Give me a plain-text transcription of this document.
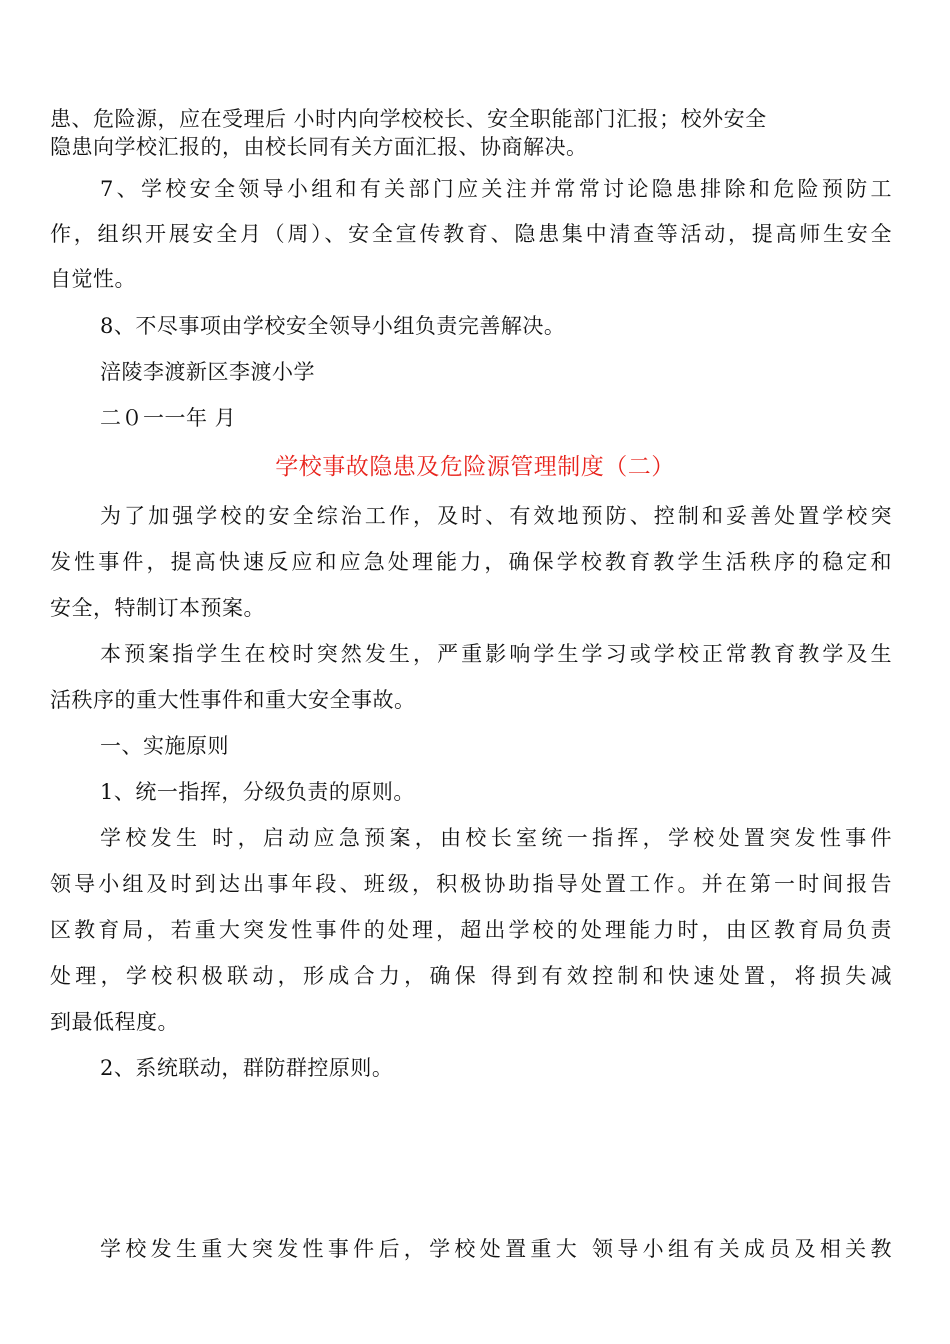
患、危险源，应在受理后 小时内向学校校长、安全职能部门汇报；校外安全
隐患向学校汇报的，由校长同有关方面汇报、协商解决。
7、学校安全领导小组和有关部门应关注并常常讨论隐患排除和危险预防工
作，组织开展安全月（周）、安全宣传教育、隐患集中清查等活动，提高师生安全
自觉性。
8、不尽事项由学校安全领导小组负责完善解决。
涪陵李渡新区李渡小学
二０一一年 月
学校事故隐患及危险源管理制度（二）
为了加强学校的安全综治工作，及时、有效地预防、控制和妥善处置学校突
发性事件，提高快速反应和应急处理能力，确保学校教育教学生活秩序的稳定和
安全，特制订本预案。
本预案指学生在校时突然发生，严重影响学生学习或学校正常教育教学及生
活秩序的重大性事件和重大安全事故。
一、实施原则
1、统一指挥，分级负责的原则。
学校发生 时，启动应急预案，由校长室统一指挥，学校处置突发性事件
领导小组及时到达出事年段、班级，积极协助指导处置工作。并在第一时间报告
区教育局，若重大突发性事件的处理，超出学校的处理能力时，由区教育局负责
处理，学校积极联动，形成合力，确保 得到有效控制和快速处置，将损失减
到最低程度。
2、系统联动，群防群控原则。
学校发生重大突发性事件后，学校处置重大 领导小组有关成员及相关教
